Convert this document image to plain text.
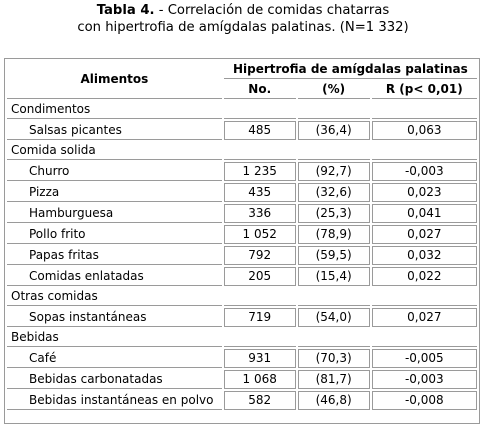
Tabla 4. - Correlación de comidas chatarras
con hipertrofia de amígdalas palatinas. (N=1 332)
Alimentos	Hipertrofia de amígdalas palatinas		
	No.	(%)	R (p< 0,01)
Condimentos			
Salsas picantes	485	(36,4)	0,063
Comida solida			
Churro	1 235	(92,7)	-0,003
Pizza	435	(32,6)	0,023
Hamburguesa	336	(25,3)	0,041
Pollo frito	1 052	(78,9)	0,027
Papas fritas	792	(59,5)	0,032
Comidas enlatadas	205	(15,4)	0,022
Otras comidas			
Sopas instantáneas	719	(54,0)	0,027
Bebidas			
Café	931	(70,3)	-0,005
Bebidas carbonatadas	1 068	(81,7)	-0,003
Bebidas instantáneas en polvo	582	(46,8)	-0,008
